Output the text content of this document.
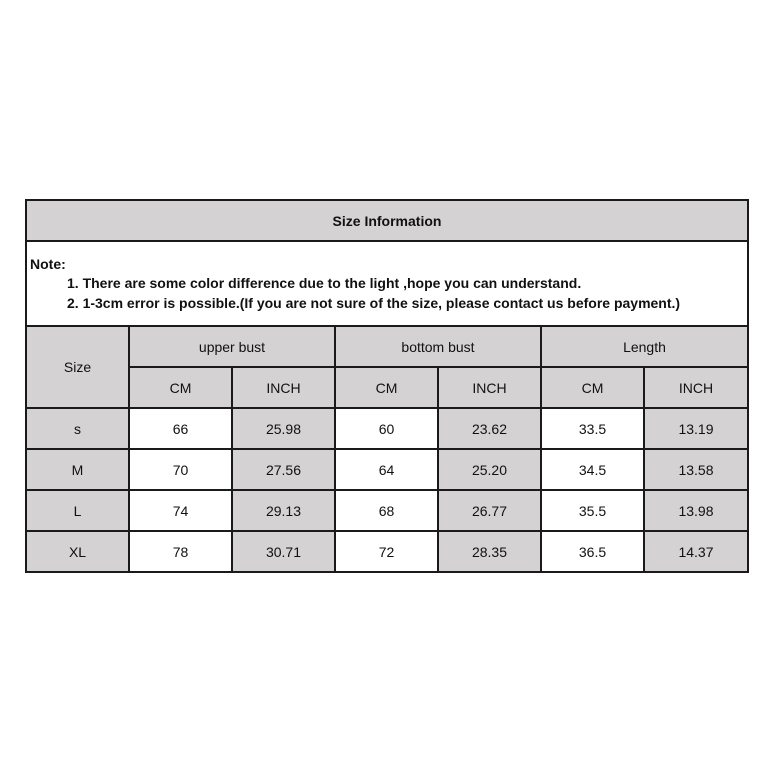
Size Information						

Note:
1. There are some color difference due to the light ,hope you can understand.
2. 1-3cm error is possible.(If you are not sure of the size, please contact us before payment.)						

Size	upper bust		bottom bust		Length	
	CM	INCH	CM	INCH	CM	INCH
s	66	25.98	60	23.62	33.5	13.19
M	70	27.56	64	25.20	34.5	13.58
L	74	29.13	68	26.77	35.5	13.98
XL	78	30.71	72	28.35	36.5	14.37
